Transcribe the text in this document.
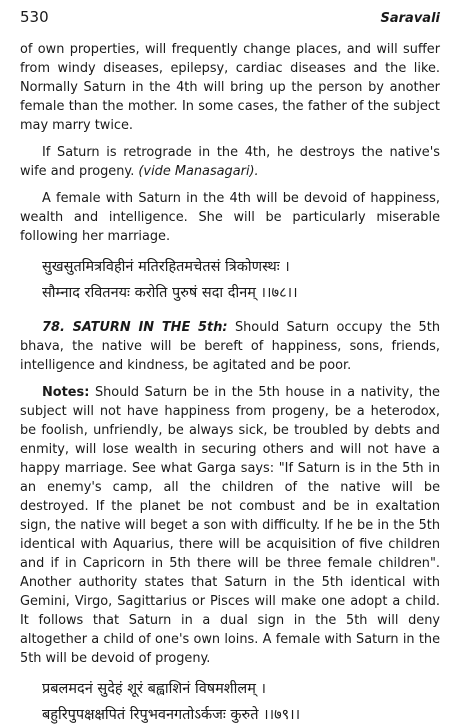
530	Saravali

of own properties, will frequently change places, and will suffer from windy diseases, epilepsy, cardiac diseases and the like. Normally Saturn in the 4th will bring up the person by another female than the mother. In some cases, the father of the subject may marry twice.

If Saturn is retrograde in the 4th, he destroys the native's wife and progeny. (vide Manasagari).

A female with Saturn in the 4th will be devoid of happiness, wealth and intelligence. She will be particularly miserable following her marriage.

सुखसुतमित्रविहीनं मतिरहितमचेतसं त्रिकोणस्थः ।
सौम्नाद रवितनयः करोति पुरुषं सदा दीनम् ।।७८।।

78. SATURN IN THE 5th: Should Saturn occupy the 5th bhava, the native will be bereft of happiness, sons, friends, intelligence and kindness, be agitated and be poor.

Notes: Should Saturn be in the 5th house in a nativity, the subject will not have happiness from progeny, be a heterodox, be foolish, unfriendly, be always sick, be troubled by debts and enmity, will lose wealth in securing others and will not have a happy marriage. See what Garga says: "If Saturn is in the 5th in an enemy's camp, all the children of the native will be destroyed. If the planet be not combust and be in exaltation sign, the native will beget a son with difficulty. If he be in the 5th identical with Aquarius, there will be acquisition of five children and if in Capricorn in 5th there will be three female children". Another authority states that Saturn in the 5th identical with Gemini, Virgo, Sagittarius or Pisces will make one adopt a child. It follows that Saturn in a dual sign in the 5th will deny altogether a child of one's own loins. A female with Saturn in the 5th will be devoid of progeny.

प्रबलमदनं सुदेहं शूरं बह्वाशिनं विषमशीलम् ।
बहुरिपुपक्षक्षपितं रिपुभवनगतोऽर्कजः कुरुते ।।७९।।
